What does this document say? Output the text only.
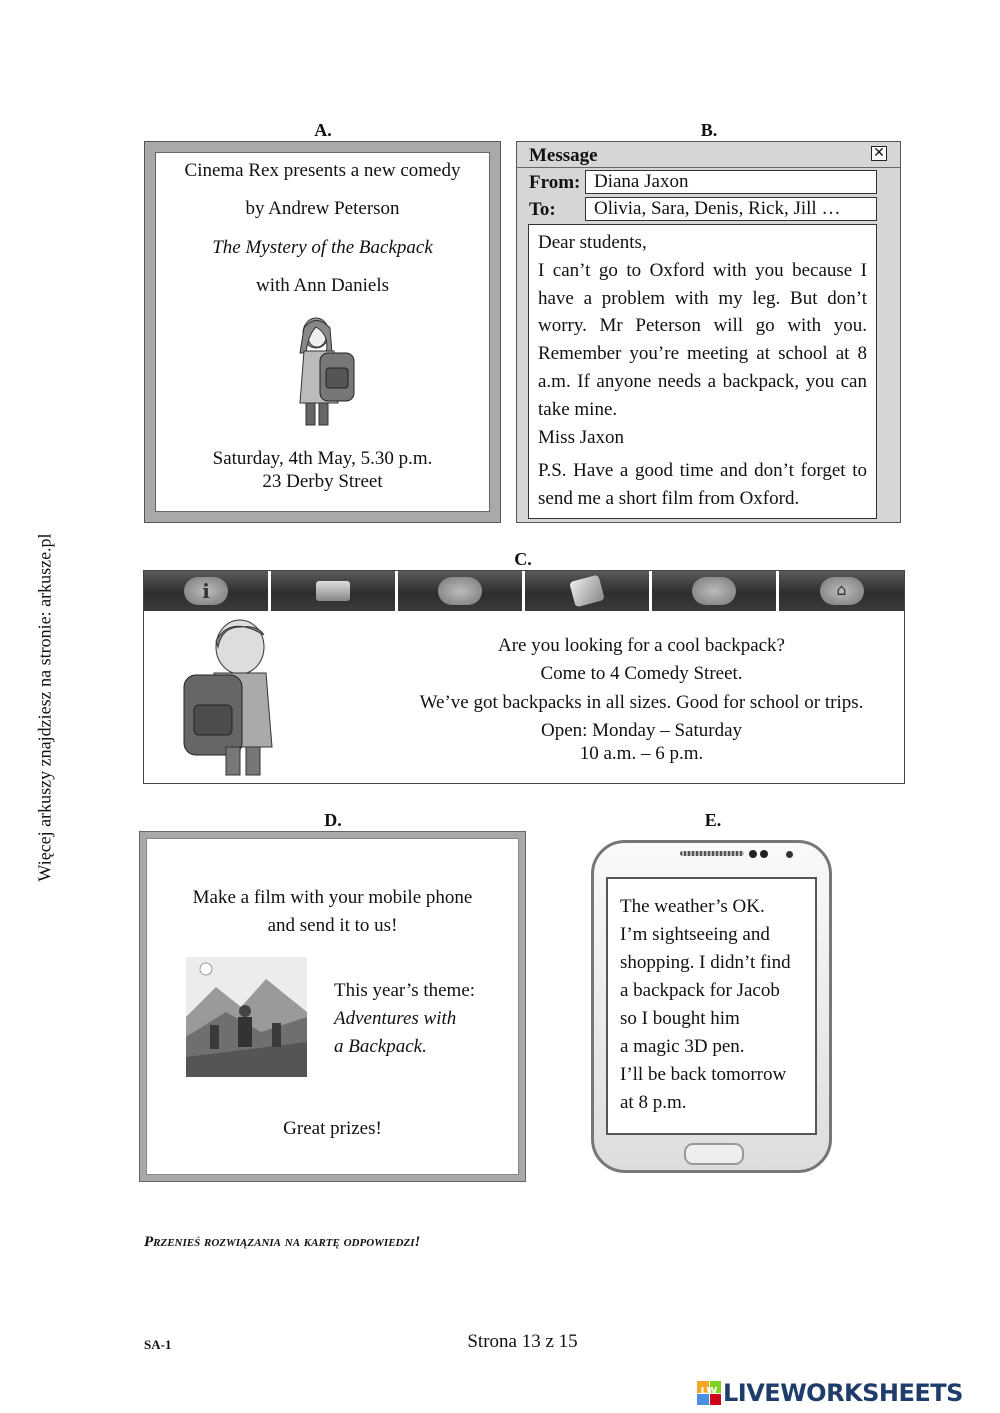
Więcej arkuszy znajdziesz na stronie: arkusze.pl
A.
Cinema Rex presents a new comedy
by Andrew Peterson
The Mystery of the Backpack
with Ann Daniels
Saturday, 4th May, 5.30 p.m.
23 Derby Street
B.
Message	✕
From: Diana Jaxon
To:	Olivia, Sara, Denis, Rick, Jill …

Dear students,

I can’t go to Oxford with you because I have a problem with my leg. But don’t worry. Mr Peterson will go with you. Remember you’re meeting at school at 8 a.m. If anyone needs a backpack, you can take mine.

Miss Jaxon

P.S. Have a good time and don’t forget to send me a short film from Oxford.

C.
i	⌂
Are you looking for a cool backpack?
Come to 4 Comedy Street.
We’ve got backpacks in all sizes. Good for school or trips.
Open: Monday – Saturday
10 a.m. – 6 p.m.
D.
Make a film with your mobile phone
and send it to us!
This year’s theme:
Adventures with
a Backpack.
Great prizes!
E.

The weather’s OK.

I’m sightseeing and

shopping. I didn’t find

a backpack for Jacob

so I bought him

a magic 3D pen.

I’ll be back tomorrow

at 8 p.m.

Przenieś rozwiązania na kartę odpowiedzi!
SA-1	Strona 13 z 15
LW LIVEWORKSHEETS
